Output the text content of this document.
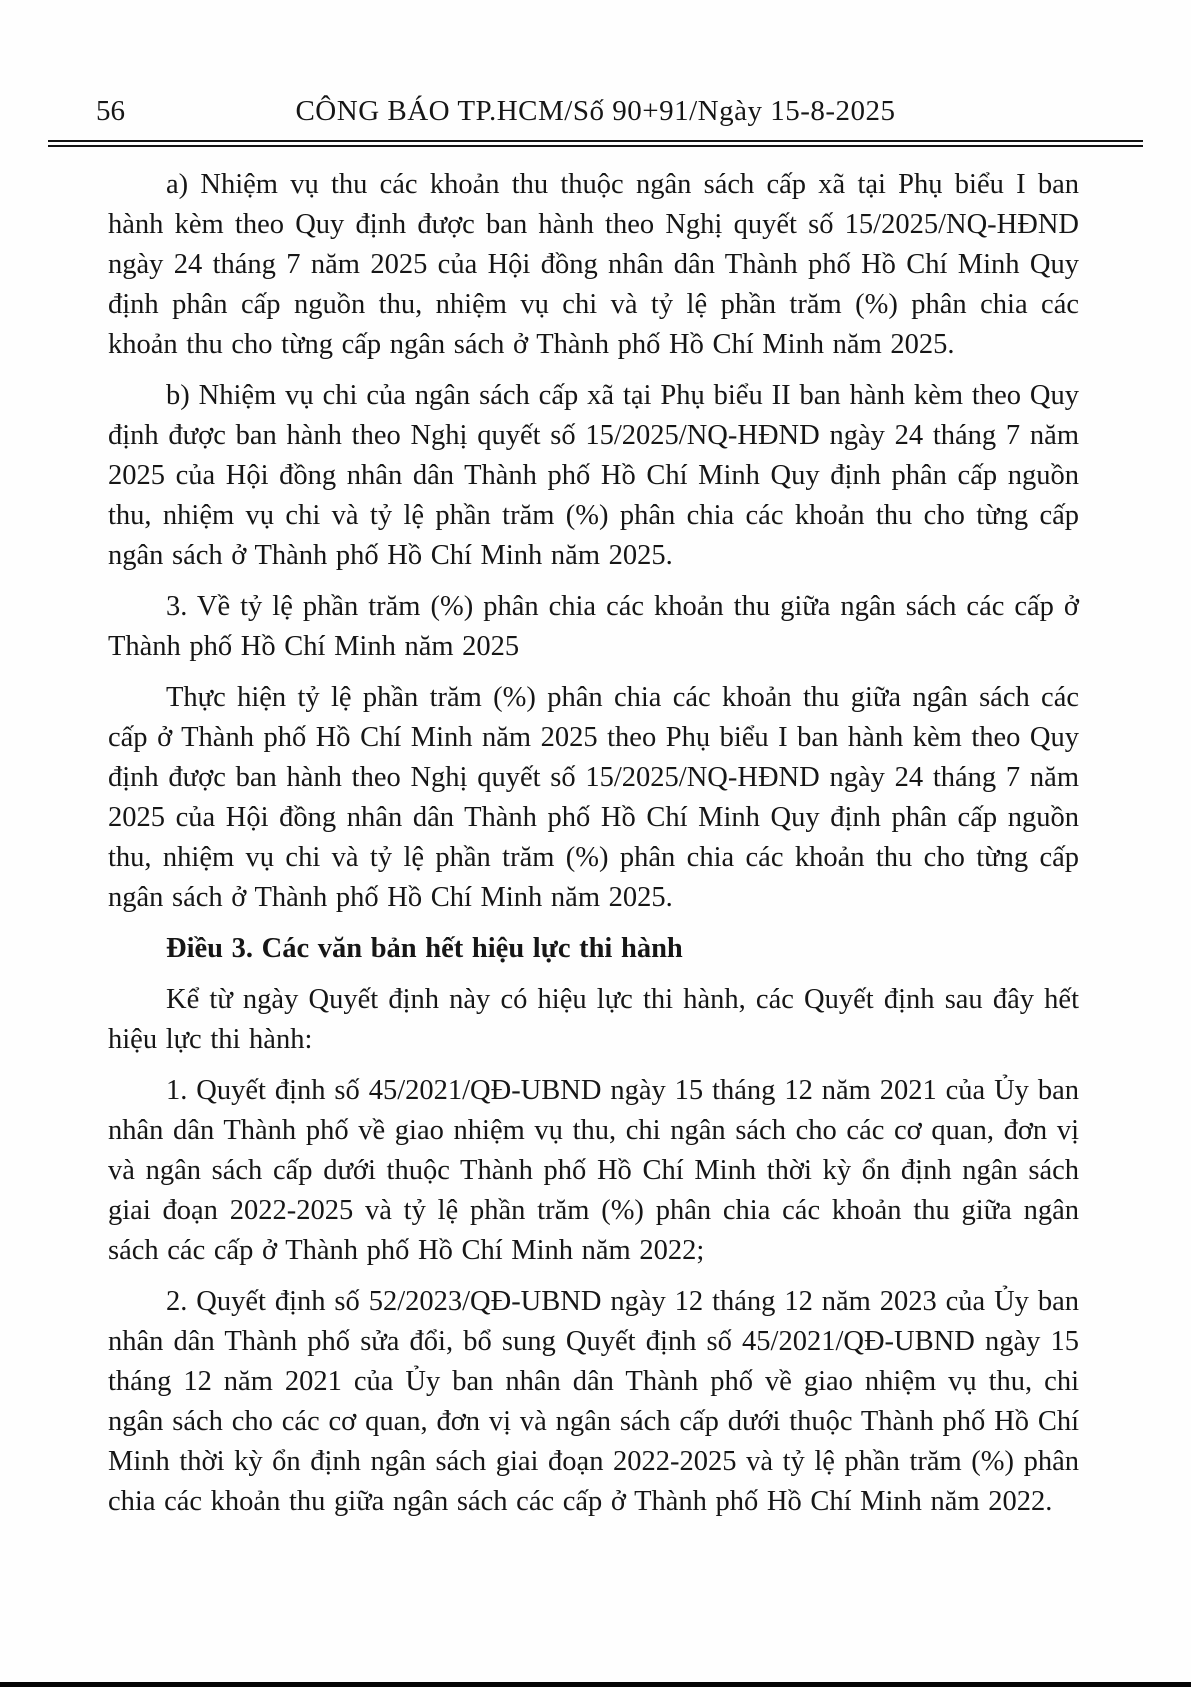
56	CÔNG BÁO TP.HCM/Số 90+91/Ngày 15-8-2025

a) Nhiệm vụ thu các khoản thu thuộc ngân sách cấp xã tại Phụ biểu I ban hành kèm theo Quy định được ban hành theo Nghị quyết số 15/2025/NQ-HĐND ngày 24 tháng 7 năm 2025 của Hội đồng nhân dân Thành phố Hồ Chí Minh Quy định phân cấp nguồn thu, nhiệm vụ chi và tỷ lệ phần trăm (%) phân chia các khoản thu cho từng cấp ngân sách ở Thành phố Hồ Chí Minh năm 2025.

b) Nhiệm vụ chi của ngân sách cấp xã tại Phụ biểu II ban hành kèm theo Quy định được ban hành theo Nghị quyết số 15/2025/NQ-HĐND ngày 24 tháng 7 năm 2025 của Hội đồng nhân dân Thành phố Hồ Chí Minh Quy định phân cấp nguồn thu, nhiệm vụ chi và tỷ lệ phần trăm (%) phân chia các khoản thu cho từng cấp ngân sách ở Thành phố Hồ Chí Minh năm 2025.

3. Về tỷ lệ phần trăm (%) phân chia các khoản thu giữa ngân sách các cấp ở Thành phố Hồ Chí Minh năm 2025

Thực hiện tỷ lệ phần trăm (%) phân chia các khoản thu giữa ngân sách các cấp ở Thành phố Hồ Chí Minh năm 2025 theo Phụ biểu I ban hành kèm theo Quy định được ban hành theo Nghị quyết số 15/2025/NQ-HĐND ngày 24 tháng 7 năm 2025 của Hội đồng nhân dân Thành phố Hồ Chí Minh Quy định phân cấp nguồn thu, nhiệm vụ chi và tỷ lệ phần trăm (%) phân chia các khoản thu cho từng cấp ngân sách ở Thành phố Hồ Chí Minh năm 2025.

Điều 3. Các văn bản hết hiệu lực thi hành

Kể từ ngày Quyết định này có hiệu lực thi hành, các Quyết định sau đây hết hiệu lực thi hành:

1. Quyết định số 45/2021/QĐ-UBND ngày 15 tháng 12 năm 2021 của Ủy ban nhân dân Thành phố về giao nhiệm vụ thu, chi ngân sách cho các cơ quan, đơn vị và ngân sách cấp dưới thuộc Thành phố Hồ Chí Minh thời kỳ ổn định ngân sách giai đoạn 2022-2025 và tỷ lệ phần trăm (%) phân chia các khoản thu giữa ngân sách các cấp ở Thành phố Hồ Chí Minh năm 2022;

2. Quyết định số 52/2023/QĐ-UBND ngày 12 tháng 12 năm 2023 của Ủy ban nhân dân Thành phố sửa đổi, bổ sung Quyết định số 45/2021/QĐ-UBND ngày 15 tháng 12 năm 2021 của Ủy ban nhân dân Thành phố về giao nhiệm vụ thu, chi ngân sách cho các cơ quan, đơn vị và ngân sách cấp dưới thuộc Thành phố Hồ Chí Minh thời kỳ ổn định ngân sách giai đoạn 2022-2025 và tỷ lệ phần trăm (%) phân chia các khoản thu giữa ngân sách các cấp ở Thành phố Hồ Chí Minh năm 2022.
